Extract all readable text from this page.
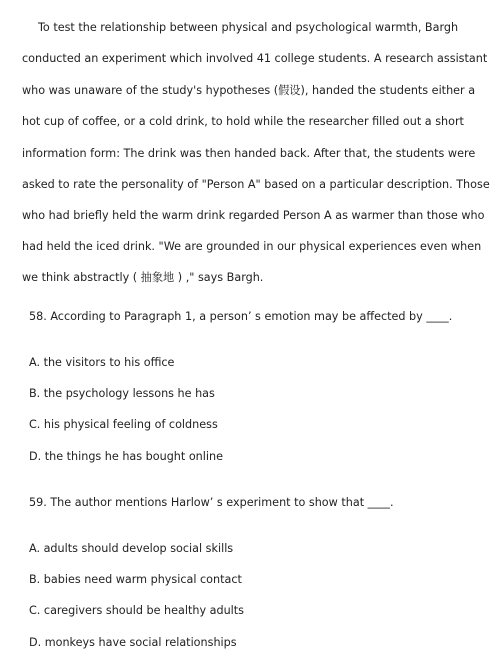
To test the relationship between physical and psychological warmth, Bargh
conducted an experiment which involved 41 college students. A research assistant
who was unaware of the study's hypotheses (假设), handed the students either a
hot cup of coffee, or a cold drink, to hold while the researcher filled out a short
information form: The drink was then handed back. After that, the students were
asked to rate the personality of "Person A" based on a particular description. Those
who had briefly held the warm drink regarded Person A as warmer than those who
had held the iced drink. "We are grounded in our physical experiences even when
we think abstractly ( 抽象地 ) ," says Bargh.
58. According to Paragraph 1, a person’ s emotion may be affected by ____.
A. the visitors to his office
B. the psychology lessons he has
C. his physical feeling of coldness
D. the things he has bought online
59. The author mentions Harlow’ s experiment to show that ____.
A. adults should develop social skills
B. babies need warm physical contact
C. caregivers should be healthy adults
D. monkeys have social relationships
